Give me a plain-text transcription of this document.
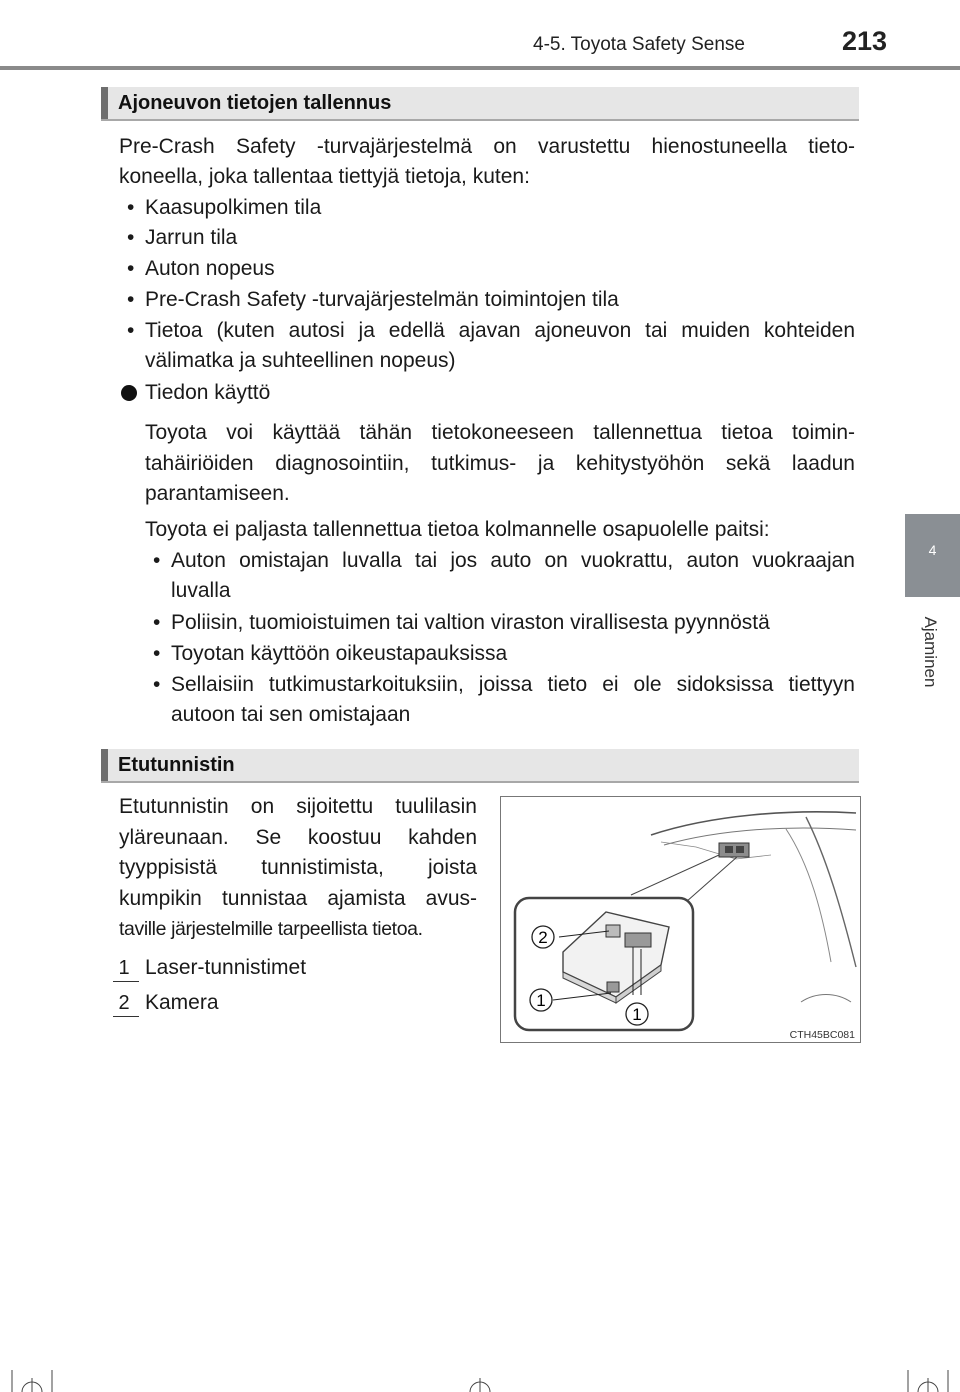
4-5. Toyota Safety Sense	213
4
Ajaminen
Ajoneuvon tietojen tallennus
Pre-Crash Safety -turvajärjestelmä on varustettu hienostuneella tieto-
koneella, joka tallentaa tiettyjä tietoja, kuten:
• Kaasupolkimen tila
• Jarrun tila
• Auton nopeus
• Pre-Crash Safety -turvajärjestelmän toimintojen tila
• Tietoa (kuten autosi ja edellä ajavan ajoneuvon tai muiden kohteiden
välimatka ja suhteellinen nopeus)
Tiedon käyttö
Toyota voi käyttää tähän tietokoneeseen tallennettua tietoa toimin-
tahäiriöiden diagnosointiin, tutkimus- ja kehitystyöhön sekä laadun
parantamiseen.
Toyota ei paljasta tallennettua tietoa kolmannelle osapuolelle paitsi:
• Auton omistajan luvalla tai jos auto on vuokrattu, auton vuokraajan
luvalla
• Poliisin, tuomioistuimen tai valtion viraston virallisesta pyynnöstä
• Toyotan käyttöön oikeustapauksissa
• Sellaisiin tutkimustarkoituksiin, joissa tieto ei ole sidoksissa tiettyyn
autoon tai sen omistajaan
Etutunnistin
Etutunnistin on sijoitettu tuulilasin
yläreunaan. Se koostuu kahden
tyyppisistä tunnistimista, joista
kumpikin tunnistaa ajamista avus-
taville järjestelmille tarpeellista tietoa.
1 Laser-tunnistimet
2 Kamera
2
1
1
CTH45BC081
